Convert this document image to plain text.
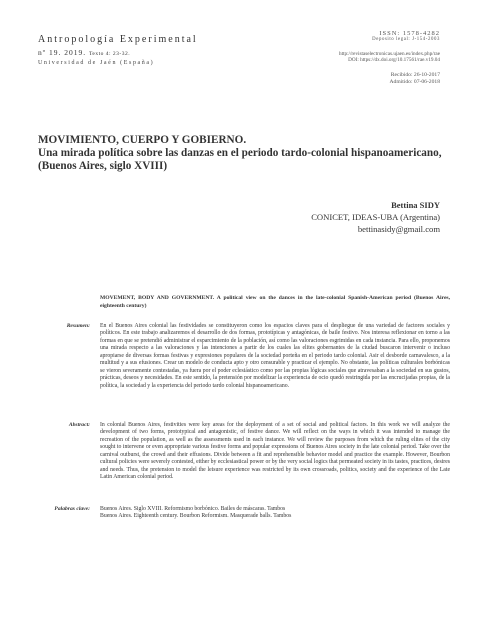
Antropología Experimental
nº 19. 2019. Texto 4: 23-32.
Universidad de Jaén (España)
ISSN: 1578-4282
Deposito legal: J-154-2003
http://revistaselectronicas.ujaen.es/index.php/rae
DOI: https://dx.doi.org/10.17561/rae.v19.04
Recibido: 26-10-2017
Admitido: 07-06-2018
MOVIMIENTO, CUERPO Y GOBIERNO.
Una mirada política sobre las danzas en el periodo tardo-colonial hispanoamericano, (Buenos Aires, siglo XVIII)
Bettina SIDY
CONICET, IDEAS-UBA (Argentina)
bettinasidy@gmail.com
MOVEMENT, BODY AND GOVERNMENT. A political view on the dances in the late-colonial Spanish-American period (Buenos Aires, eighteenth century)
Resumen: En el Buenos Aires colonial las festividades se constituyeron como los espacios claves para el despliegue de una variedad de factores sociales y políticos. En este trabajo analizaremos el desarrollo de dos formas, prototípicas y antagónicas, de baile festivo. Nos interesa reflexionar en torno a las formas en que se pretendió administrar el esparcimiento de la población, así como las valoraciones esgrimidas en cada instancia. Para ello, proponemos una mirada respecto a las valoraciones y las intenciones a partir de los cuales las elites gobernantes de la ciudad buscaron intervenir o incluso apropiarse de diversas formas festivas y expresiones populares de la sociedad porteña en el periodo tardo colonial. Asir el desborde carnavalesco, a la multitud y a sus efusiones. Crear un modelo de conducta apto y otro censurable y practicar el ejemplo. No obstante, las políticas culturales borbónicas se vieron severamente contestadas, ya fuera por el poder eclesiástico como por las propias lógicas sociales que atravesaban a la sociedad en sus gustos, prácticas, deseos y necesidades. En este sentido, la pretensión por modelizar la experiencia de ocio quedó restringida por las encrucijadas propias, de la política, la sociedad y la experiencia del periodo tardo colonial hispanoamericano.
Abstract: In colonial Buenos Aires, festivities were key areas for the deployment of a set of social and political factors. In this work we will analyze the development of two forms, prototypical and antagonistic, of festive dance. We will reflect on the ways in which it was intended to manage the recreation of the population, as well as the assessments used in each instance. We will review the purposes from which the ruling elites of the city sought to intervene or even appropriate various festive forms and popular expressions of Buenos Aires society in the late colonial period. Take over the carnival outburst, the crowd and their effusions. Divide between a fit and reprehensible behavior model and practice the example. However, Bourbon cultural policies were severely contested, either by ecclesiastical power or by the very social logics that permeated society in its tastes, practices, desires and needs. Thus, the pretension to model the leisure experience was restricted by its own crossroads, politics, society and the experience of the Late Latin American colonial period.
Palabras clave: Buenos Aires. Siglo XVIII. Reformismo borbónico. Bailes de máscaras. Tambos

Buenos Aires. Eighteenth century. Bourbon Reformism. Masquerade balls. Tambos
